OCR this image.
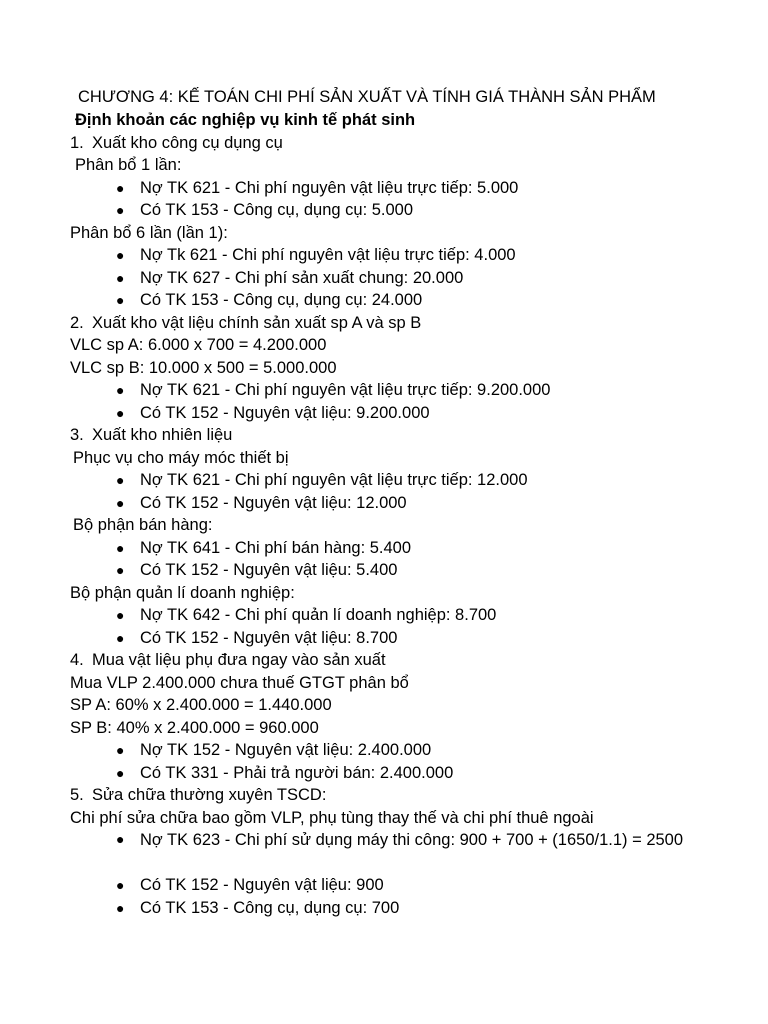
CHƯƠNG 4: KẾ TOÁN CHI PHÍ SẢN XUẤT VÀ TÍNH GIÁ THÀNH SẢN PHẨM
Định khoản các nghiệp vụ kinh tế phát sinh
1. Xuất kho công cụ dụng cụ
Phân bổ 1 lần:
● Nợ TK 621 - Chi phí nguyên vật liệu trực tiếp: 5.000
● Có TK 153 - Công cụ, dụng cụ: 5.000
Phân bổ 6 lần (lần 1):
● Nợ Tk 621 - Chi phí nguyên vật liệu trực tiếp: 4.000
● Nợ TK 627 - Chi phí sản xuất chung: 20.000
● Có TK 153 - Công cụ, dụng cụ: 24.000
2. Xuất kho vật liệu chính sản xuất sp A và sp B
VLC sp A: 6.000 x 700 = 4.200.000
VLC sp B: 10.000 x 500 = 5.000.000
● Nợ TK 621 - Chi phí nguyên vật liệu trực tiếp: 9.200.000
● Có TK 152 - Nguyên vật liệu: 9.200.000
3. Xuất kho nhiên liệu
Phục vụ cho máy móc thiết bị
● Nợ TK 621 - Chi phí nguyên vật liệu trực tiếp: 12.000
● Có TK 152 - Nguyên vật liệu: 12.000
Bộ phận bán hàng:
● Nợ TK 641 - Chi phí bán hàng: 5.400
● Có TK 152 - Nguyên vật liệu: 5.400
Bộ phận quản lí doanh nghiệp:
● Nợ TK 642 - Chi phí quản lí doanh nghiệp: 8.700
● Có TK 152 - Nguyên vật liệu: 8.700
4. Mua vật liệu phụ đưa ngay vào sản xuất
Mua VLP 2.400.000 chưa thuế GTGT phân bổ
SP A: 60% x 2.400.000 = 1.440.000
SP B: 40% x 2.400.000 = 960.000
● Nợ TK 152 - Nguyên vật liệu: 2.400.000
● Có TK 331 - Phải trả người bán: 2.400.000
5. Sửa chữa thường xuyên TSCD:
Chi phí sửa chữa bao gồm VLP, phụ tùng thay thế và chi phí thuê ngoài
● Nợ TK 623 - Chi phí sử dụng máy thi công: 900 + 700 + (1650/1.1) = 2500
● Có TK 152 - Nguyên vật liệu: 900
● Có TK 153 - Công cụ, dụng cụ: 700
